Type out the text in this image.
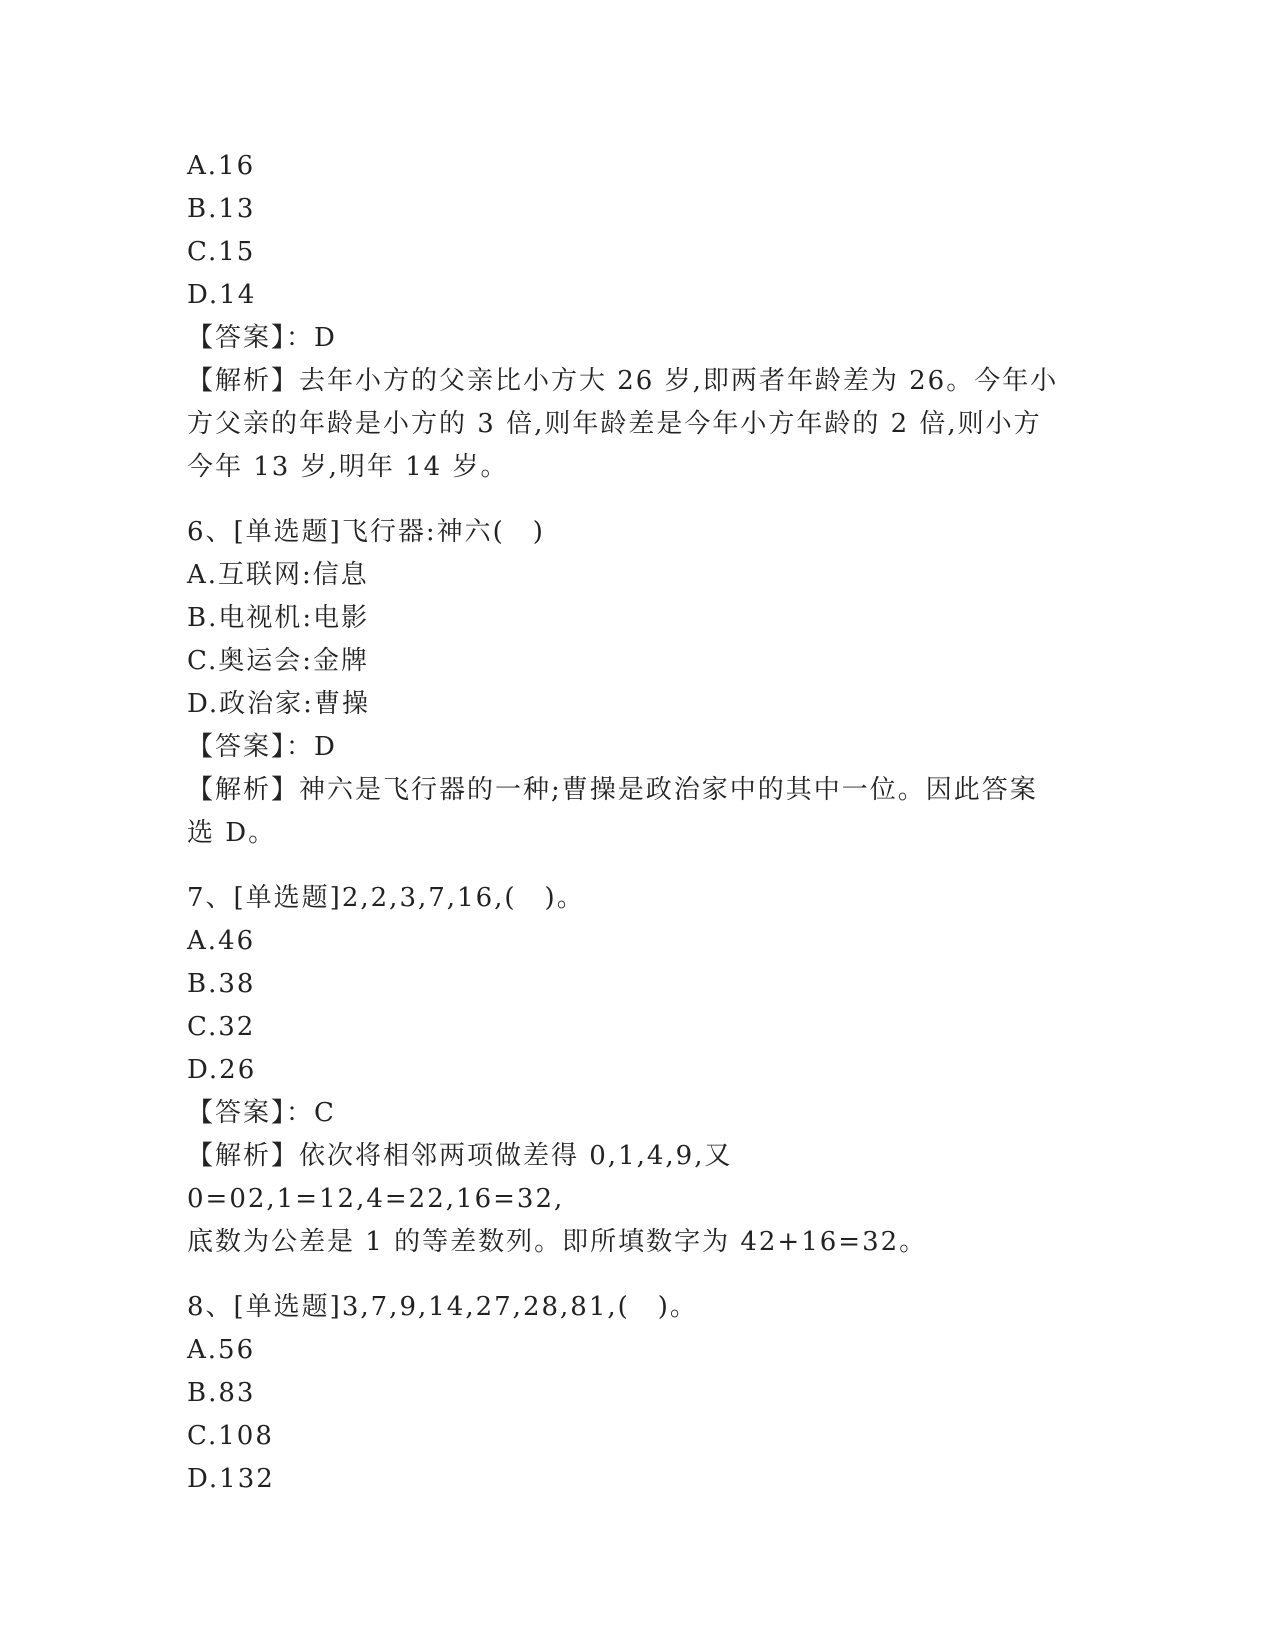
A.16
B.13
C.15
D.14
【答案】：D
【解析】去年小方的父亲比小方大 26 岁,即两者年龄差为 26。今年小
方父亲的年龄是小方的 3 倍,则年龄差是今年小方年龄的 2 倍,则小方
今年 13 岁,明年 14 岁。
6、[单选题]飞行器:神六(　)
A.互联网:信息
B.电视机:电影
C.奥运会:金牌
D.政治家:曹操
【答案】：D
【解析】神六是飞行器的一种;曹操是政治家中的其中一位。因此答案
选 D。
7、[单选题]2,2,3,7,16,(　)。
A.46
B.38
C.32
D.26
【答案】：C
【解析】依次将相邻两项做差得 0,1,4,9,又 0=02,1=12,4=22,16=32,
底数为公差是 1 的等差数列。即所填数字为 42+16=32。
8、[单选题]3,7,9,14,27,28,81,(　)。
A.56
B.83
C.108
D.132
